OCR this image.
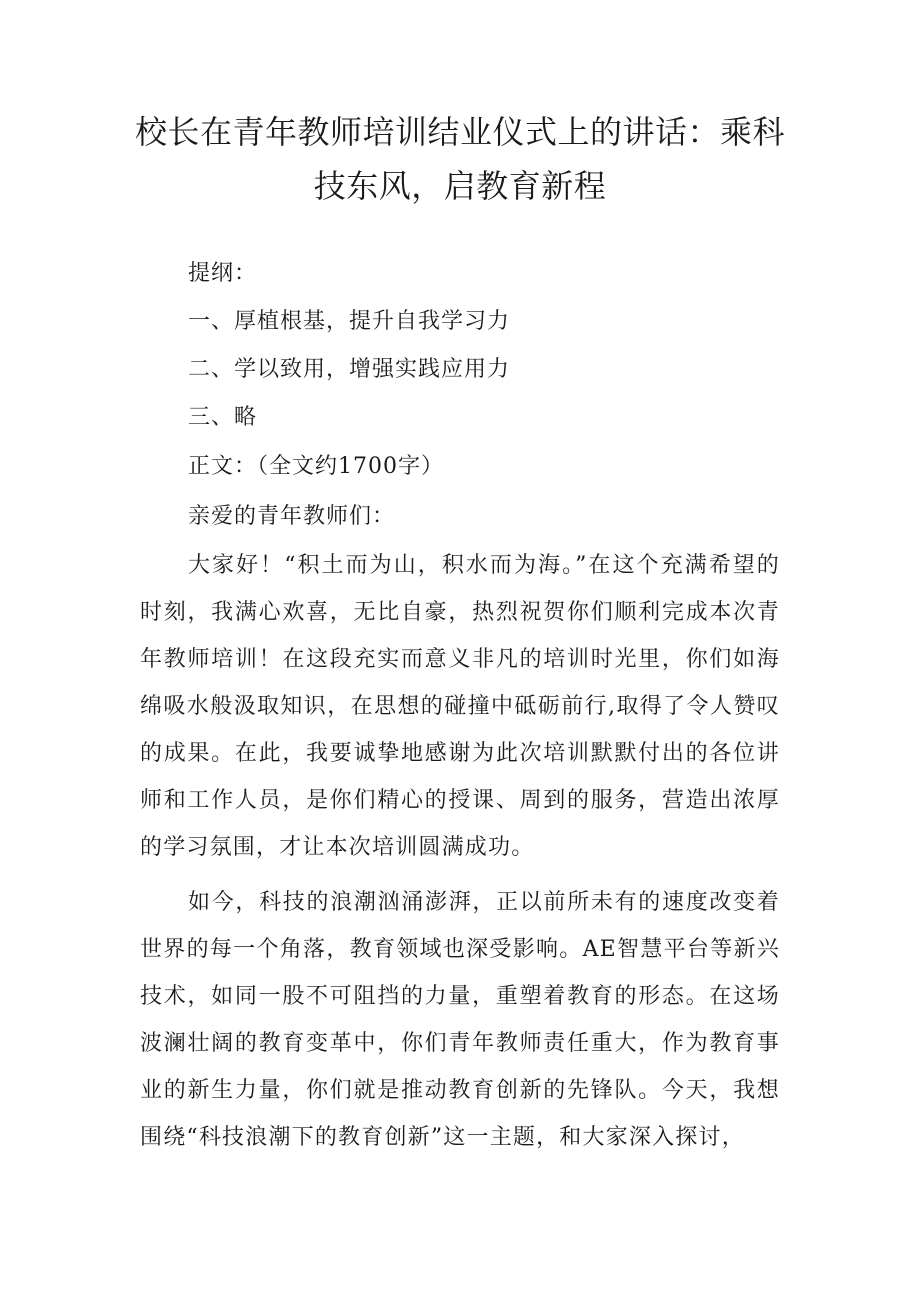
校长在青年教师培训结业仪式上的讲话：乘科技东风，启教育新程

提纲：

一、厚植根基，提升自我学习力

二、学以致用，增强实践应用力

三、略

正文：（全文约1700字）

亲爱的青年教师们：

大家好！“积土而为山，积水而为海。”在这个充满希望的时刻，我满心欢喜，无比自豪，热烈祝贺你们顺利完成本次青年教师培训！在这段充实而意义非凡的培训时光里，你们如海绵吸水般汲取知识，在思想的碰撞中砥砺前行,取得了令人赞叹的成果。在此，我要诚挚地感谢为此次培训默默付出的各位讲师和工作人员，是你们精心的授课、周到的服务，营造出浓厚的学习氛围，才让本次培训圆满成功。

如今，科技的浪潮汹涌澎湃，正以前所未有的速度改变着世界的每一个角落，教育领域也深受影响。AE智慧平台等新兴技术，如同一股不可阻挡的力量，重塑着教育的形态。在这场波澜壮阔的教育变革中，你们青年教师责任重大，作为教育事业的新生力量，你们就是推动教育创新的先锋队。今天，我想围绕“科技浪潮下的教育创新”这一主题，和大家深入探讨，
